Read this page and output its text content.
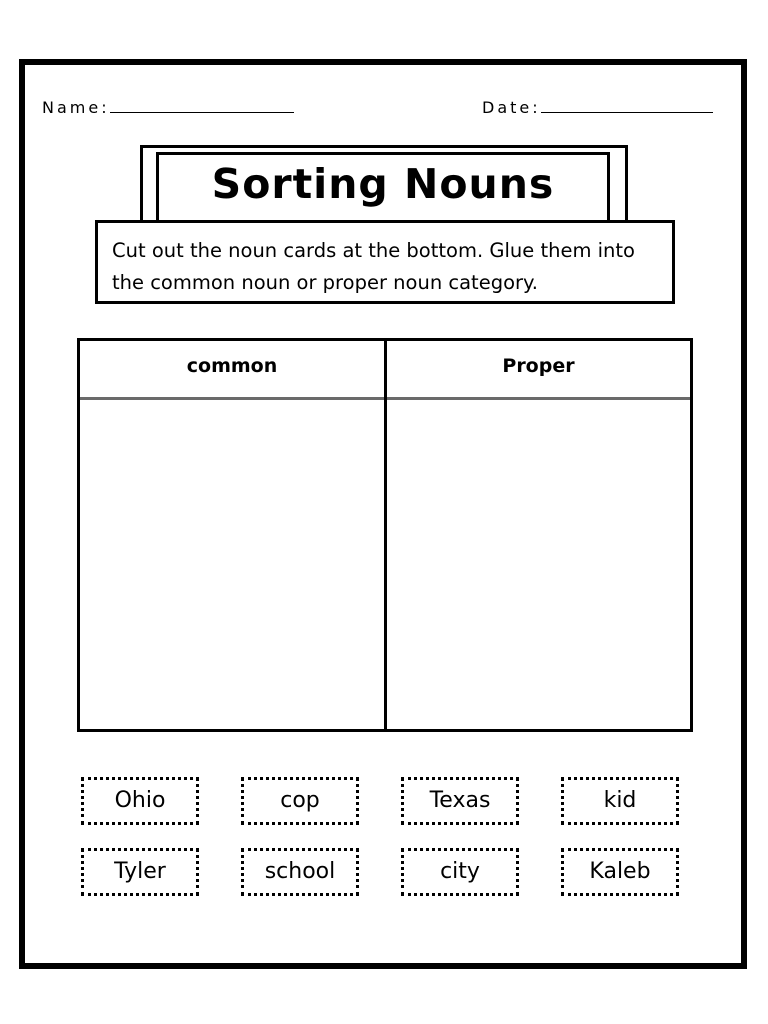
Name:	Date:
Sorting Nouns
Cut out the noun cards at the bottom. Glue them into the common noun or proper noun category.
common	Proper
Ohio	cop	Texas	kid
Tyler	school	city	Kaleb
